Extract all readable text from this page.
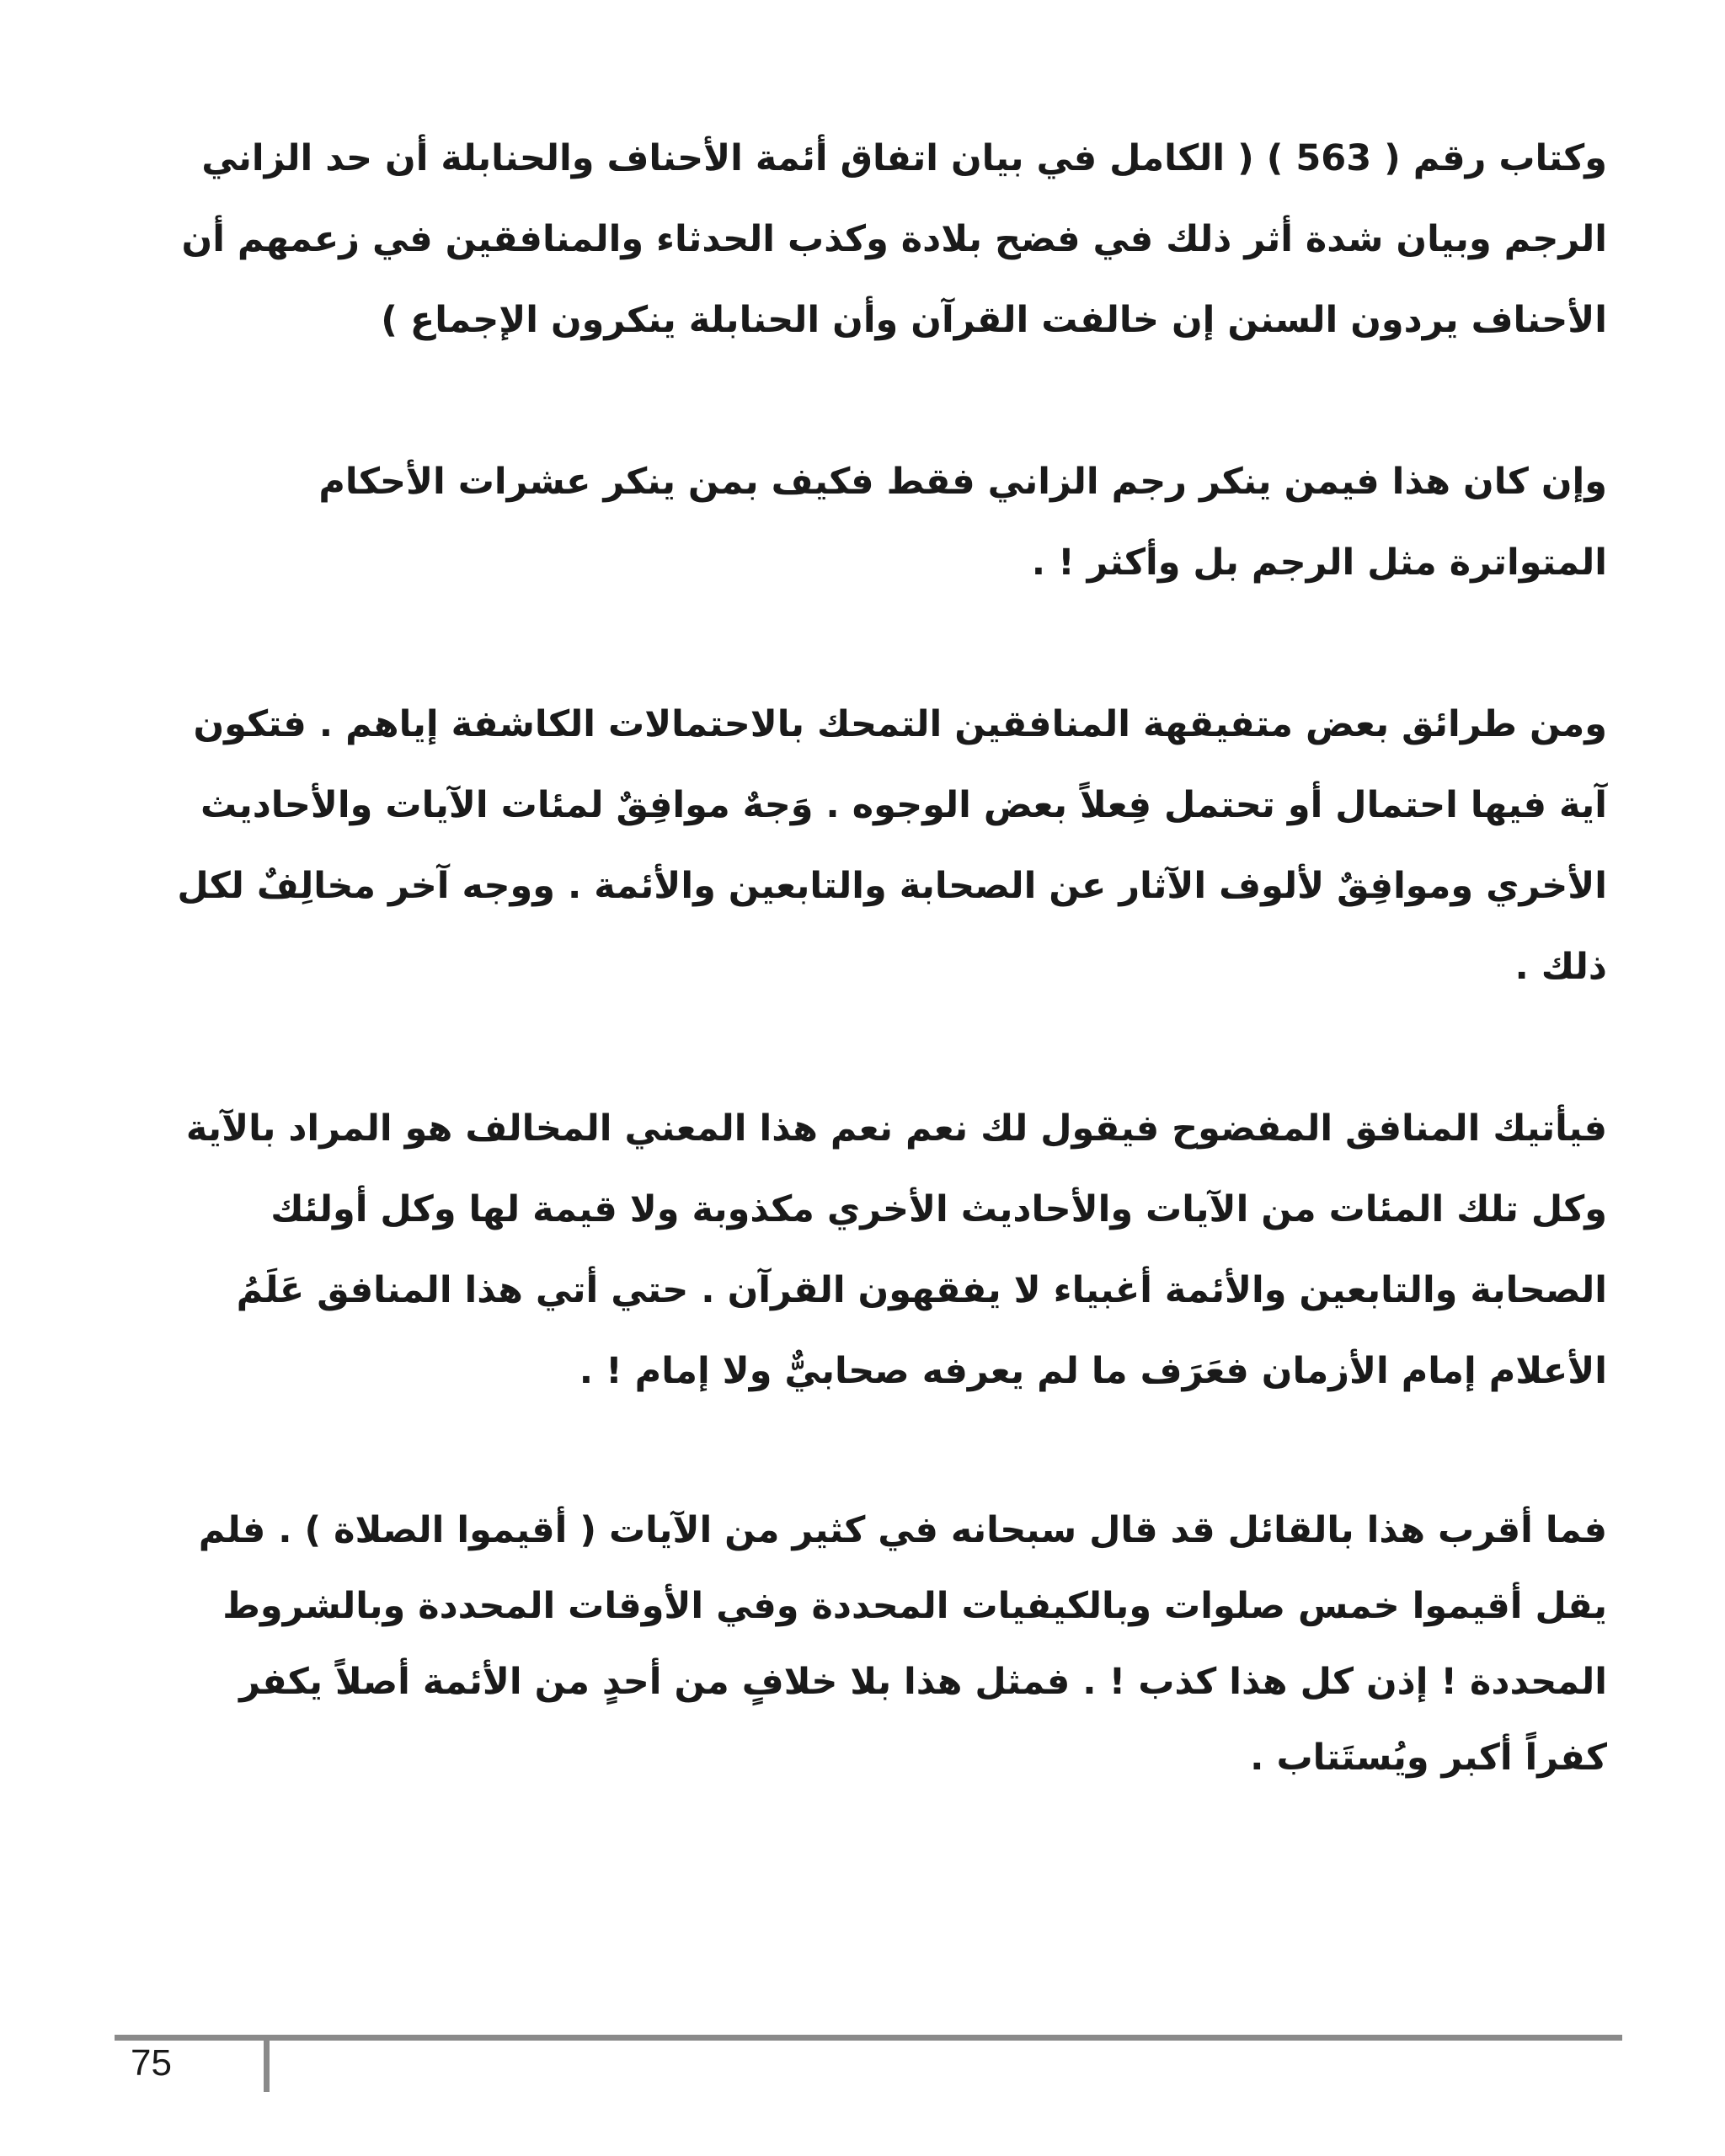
وكتاب رقم ( 563 ) ( الكامل في بيان اتفاق أئمة الأحناف والحنابلة أن حد الزاني الرجم وبيان شدة أثر ذلك في فضح بلادة وكذب الحدثاء والمنافقين في زعمهم أن الأحناف يردون السنن إن خالفت القرآن وأن الحنابلة ينكرون الإجماع )

وإن كان هذا فيمن ينكر رجم الزاني فقط فكيف بمن ينكر عشرات الأحكام المتواترة مثل الرجم بل وأكثر ! .

ومن طرائق بعض متفيقهة المنافقين التمحك بالاحتمالات الكاشفة إياهم . فتكون آية فيها احتمال أو تحتمل فِعلاً بعض الوجوه . وَجهٌ موافِقٌ لمئات الآيات والأحاديث الأخري وموافِقٌ لألوف الآثار عن الصحابة والتابعين والأئمة . ووجه آخر مخالِفٌ لكل ذلك .

فيأتيك المنافق المفضوح فيقول لك نعم نعم هذا المعني المخالف هو المراد بالآية وكل تلك المئات من الآيات والأحاديث الأخري مكذوبة ولا قيمة لها وكل أولئك الصحابة والتابعين والأئمة أغبياء لا يفقهون القرآن . حتي أتي هذا المنافق عَلَمُ الأعلام إمام الأزمان فعَرَف ما لم يعرفه صحابيٌّ ولا إمام ! .

فما أقرب هذا بالقائل قد قال سبحانه في كثير من الآيات ( أقيموا الصلاة ) . فلم يقل أقيموا خمس صلوات وبالكيفيات المحددة وفي الأوقات المحددة وبالشروط المحددة ! إذن كل هذا كذب ! . فمثل هذا بلا خلافٍ من أحدٍ من الأئمة أصلاً يكفر كفراً أكبر ويُستَتاب .

75
